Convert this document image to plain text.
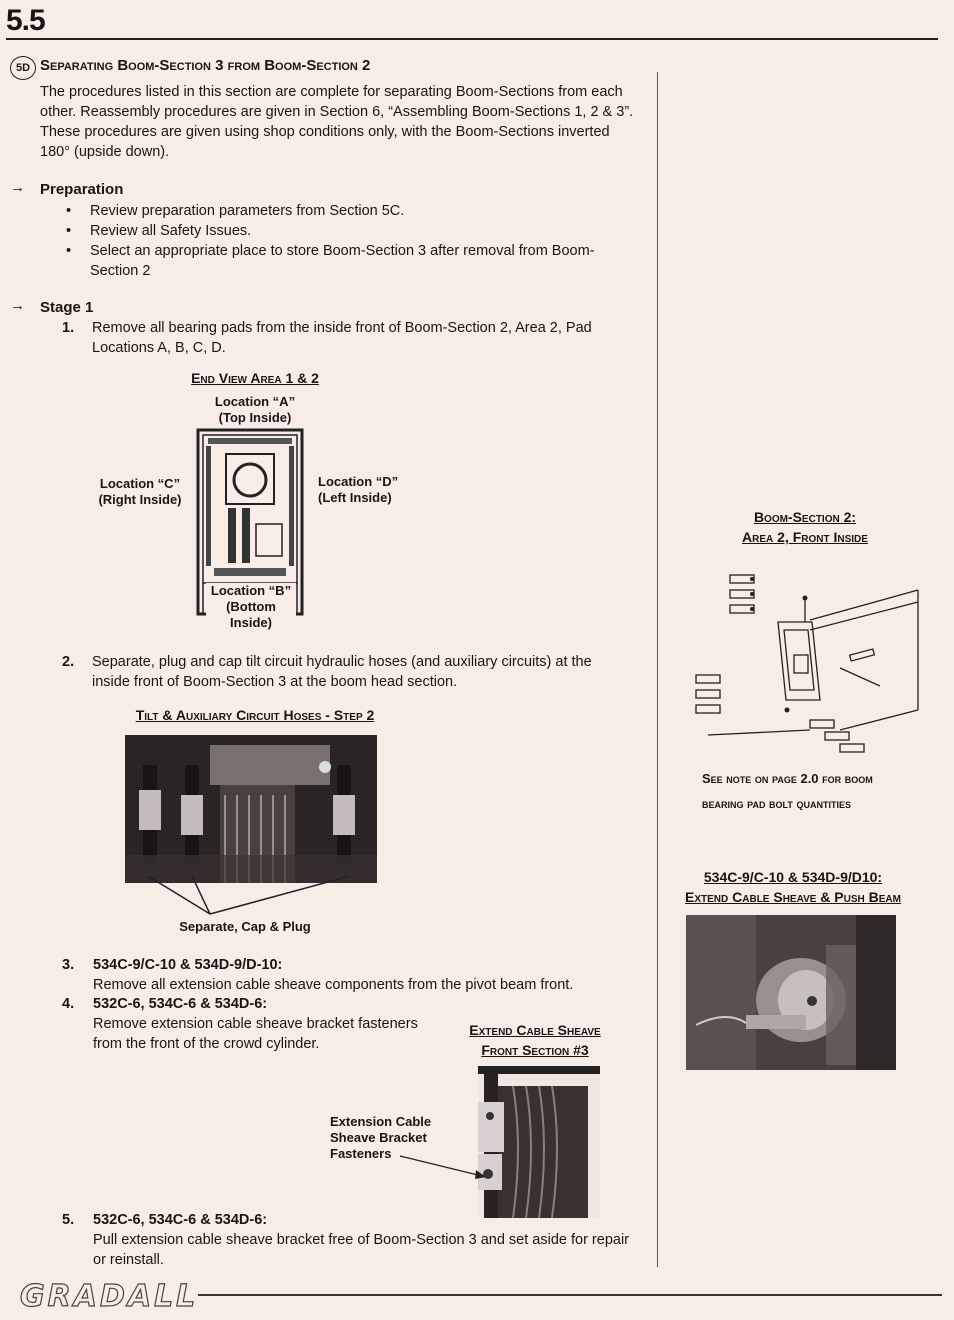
5.5
5D Separating Boom-Section 3 from Boom-Section 2
The procedures listed in this section are complete for separating Boom-Sections from each
other. Reassembly procedures are given in Section 6, “Assembling Boom-Sections 1, 2 & 3”.
These procedures are given using shop conditions only, with the Boom-Sections inverted
180° (upside down).
→ Preparation
• Review preparation parameters from Section 5C.
• Review all Safety Issues.
• Select an appropriate place to store Boom-Section 3 after removal from Boom-
Section 2
→ Stage 1
1. Remove all bearing pads from the inside front of Boom-Section 2, Area 2, Pad
Locations A, B, C, D.
End View Area 1 & 2
Location “A”
(Top Inside)
Location “C”
(Right Inside)
Location “D”
(Left Inside)
Location “B”
(Bottom
Inside)
2. Separate, plug and cap tilt circuit hydraulic hoses (and auxiliary circuits) at the
inside front of Boom-Section 3 at the boom head section.
Tilt & Auxiliary Circuit Hoses - Step 2
Separate, Cap & Plug
3. 534C-9/C-10 & 534D-9/D-10:
Remove all extension cable sheave components from the pivot beam front.
4. 532C-6, 534C-6 & 534D-6:
Remove extension cable sheave bracket fasteners
from the front of the crowd cylinder.
Extend Cable Sheave
Front Section #3
Extension Cable
Sheave Bracket
Fasteners
5. 532C-6, 534C-6 & 534D-6:
Pull extension cable sheave bracket free of Boom-Section 3 and set aside for repair
or reinstall.
Boom-Section 2:
Area 2, Front Inside
See note on page 2.0 for boom
bearing pad bolt quantities
534C-9/C-10 & 534D-9/D10:
Extend Cable Sheave & Push Beam
GRADALL
